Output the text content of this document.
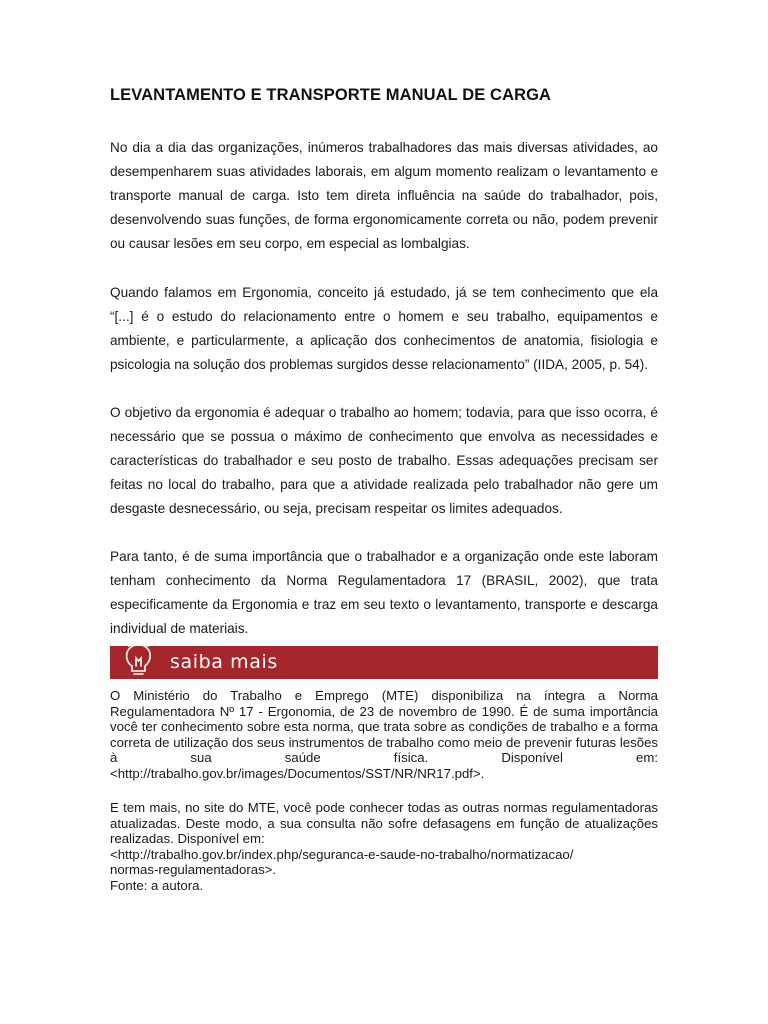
LEVANTAMENTO E TRANSPORTE MANUAL DE CARGA

No dia a dia das organizações, inúmeros trabalhadores das mais diversas atividades, ao desempenharem suas atividades laborais, em algum momento realizam o levantamento e transporte manual de carga. Isto tem direta influência na saúde do trabalhador, pois, desenvolvendo suas funções, de forma ergonomicamente correta ou não, podem prevenir ou causar lesões em seu corpo, em especial as lombalgias.

Quando falamos em Ergonomia, conceito já estudado, já se tem conhecimento que ela “[...] é o estudo do relacionamento entre o homem e seu trabalho, equipamentos e ambiente, e particularmente, a aplicação dos conhecimentos de anatomia, fisiologia e psicologia na solução dos problemas surgidos desse relacionamento” (IIDA, 2005, p. 54).

O objetivo da ergonomia é adequar o trabalho ao homem; todavia, para que isso ocorra, é necessário que se possua o máximo de conhecimento que envolva as necessidades e características do trabalhador e seu posto de trabalho. Essas adequações precisam ser feitas no local do trabalho, para que a atividade realizada pelo trabalhador não gere um desgaste desnecessário, ou seja, precisam respeitar os limites adequados.

Para tanto, é de suma importância que o trabalhador e a organização onde este laboram tenham conhecimento da Norma Regulamentadora 17 (BRASIL, 2002), que trata especificamente da Ergonomia e traz em seu texto o levantamento, transporte e descarga individual de materiais.

saiba mais

O Ministério do Trabalho e Emprego (MTE) disponibiliza na íntegra a Norma Regulamentadora Nº 17 - Ergonomia, de 23 de novembro de 1990. É de suma importância você ter conhecimento sobre esta norma, que trata sobre as condições de trabalho e a forma correta de utilização dos seus instrumentos de trabalho como meio de prevenir futuras lesões à sua saúde física. Disponível em: <http://trabalho.gov.br/images/Documentos/SST/NR/NR17.pdf>.

E tem mais, no site do MTE, você pode conhecer todas as outras normas regulamentadoras atualizadas. Deste modo, a sua consulta não sofre defasagens em função de atualizações realizadas. Disponível em:

<http://trabalho.gov.br/index.php/seguranca-e-saude-no-trabalho/normatizacao/

normas-regulamentadoras>.

Fonte: a autora.
